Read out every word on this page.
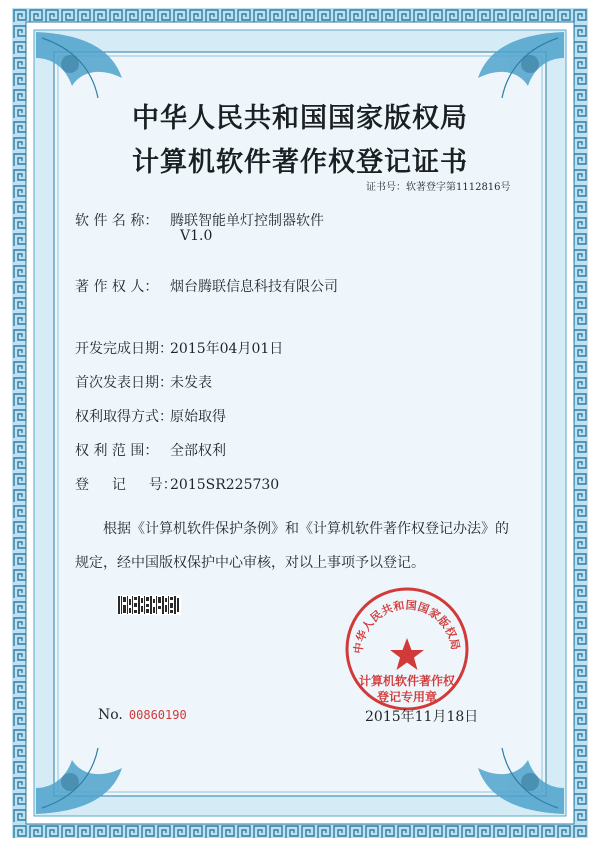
中华人民共和国国家版权局
计算机软件著作权登记证书
证书号：软著登字第1112816号
软 件 名 称： 腾联智能单灯控制器软件
V1.0
著 作 权 人： 烟台腾联信息科技有限公司
开发完成日期：2015年04月01日
首次发表日期：未发表
权利取得方式：原始取得
权 利 范 围： 全部权利
登 　 记 　 号：2015SR225730
根据《计算机软件保护条例》和《计算机软件著作权登记办法》的
规定，经中国版权保护中心审核，对以上事项予以登记。
No. 00860190
中华人民共和国国家版权局
计算机软件著作权
登记专用章
2015年11月18日
